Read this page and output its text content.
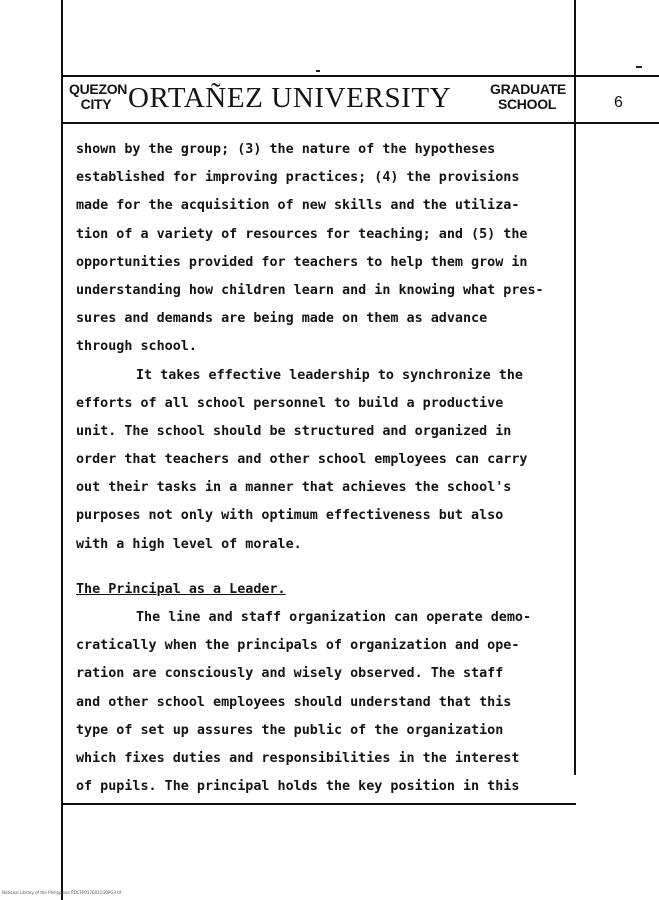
QUEZON
CITY ORTAÑEZ UNIVERSITY	GRADUATE
SCHOOL	6
shown by the group; (3) the nature of the hypotheses
established for improving practices; (4) the provisions
made for the acquisition of new skills and the utiliza-
tion of a variety of resources for teaching; and (5) the
opportunities provided for teachers to help them grow in
understanding how children learn and in knowing what pres-
sures and demands are being made on them as advance
through school.
It takes effective leadership to synchronize the
efforts of all school personnel to build a productive
unit. The school should be structured and organized in
order that teachers and other school employees can carry
out their tasks in a manner that achieves the school's
purposes not only with optimum effectiveness but also
with a high level of morale.
The Principal as a Leader.
The line and staff organization can operate demo-
cratically when the principals of organization and ope-
ration are consciously and wisely observed. The staff
and other school employees should understand that this
type of set up assures the public of the organization
which fixes duties and responsibilities in the interest
of pupils. The principal holds the key position in this
National Library of the Philippines ROCFP0176011G0PG3 tif
